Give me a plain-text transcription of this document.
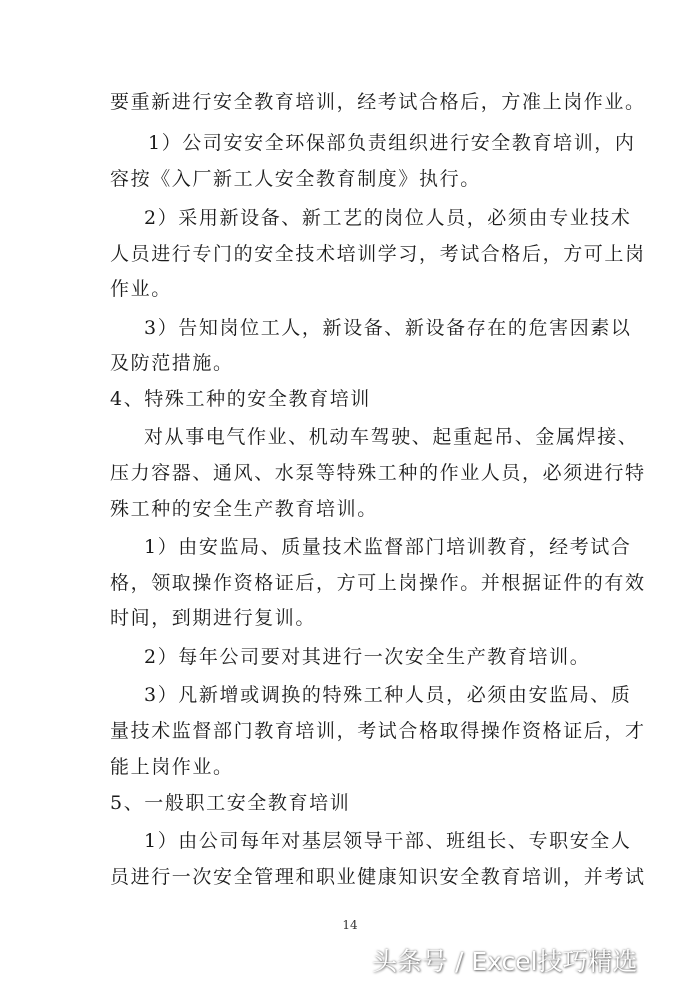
要重新进行安全教育培训，经考试合格后，方准上岗作业。
1）公司安安全环保部负责组织进行安全教育培训，内
容按《入厂新工人安全教育制度》执行。
2）采用新设备、新工艺的岗位人员，必须由专业技术
人员进行专门的安全技术培训学习，考试合格后，方可上岗
作业。
3）告知岗位工人，新设备、新设备存在的危害因素以
及防范措施。
4、特殊工种的安全教育培训
对从事电气作业、机动车驾驶、起重起吊、金属焊接、
压力容器、通风、水泵等特殊工种的作业人员，必须进行特
殊工种的安全生产教育培训。
1）由安监局、质量技术监督部门培训教育，经考试合
格，领取操作资格证后，方可上岗操作。并根据证件的有效
时间，到期进行复训。
2）每年公司要对其进行一次安全生产教育培训。
3）凡新增或调换的特殊工种人员，必须由安监局、质
量技术监督部门教育培训，考试合格取得操作资格证后，才
能上岗作业。
5、一般职工安全教育培训
1）由公司每年对基层领导干部、班组长、专职安全人
员进行一次安全管理和职业健康知识安全教育培训，并考试
14
头条号 / Excel技巧精选
